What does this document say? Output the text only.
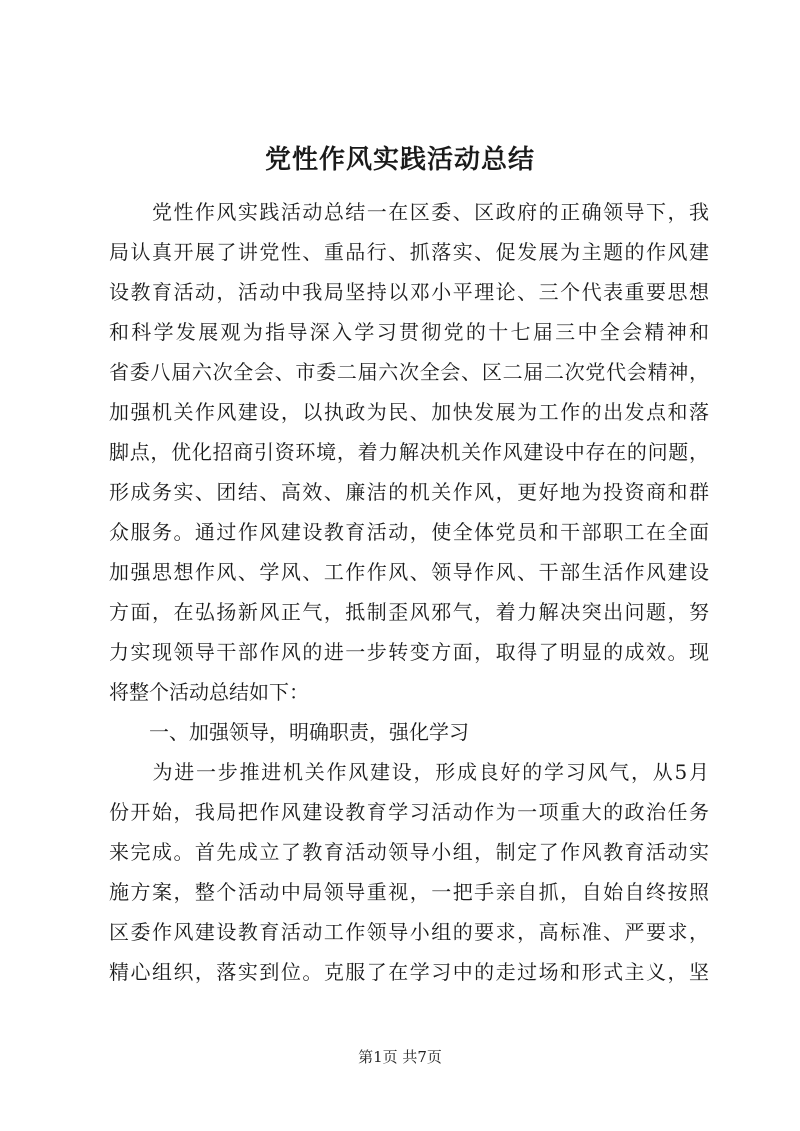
党性作风实践活动总结
　　党性作风实践活动总结一在区委、区政府的正确领导下，我
局认真开展了讲党性、重品行、抓落实、促发展为主题的作风建
设教育活动，活动中我局坚持以邓小平理论、三个代表重要思想
和科学发展观为指导深入学习贯彻党的十七届三中全会精神和
省委八届六次全会、市委二届六次全会、区二届二次党代会精神，
加强机关作风建设，以执政为民、加快发展为工作的出发点和落
脚点，优化招商引资环境，着力解决机关作风建设中存在的问题，
形成务实、团结、高效、廉洁的机关作风，更好地为投资商和群
众服务。通过作风建设教育活动，使全体党员和干部职工在全面
加强思想作风、学风、工作作风、领导作风、干部生活作风建设
方面，在弘扬新风正气，抵制歪风邪气，着力解决突出问题，努
力实现领导干部作风的进一步转变方面，取得了明显的成效。现
将整个活动总结如下：
　　一、加强领导，明确职责，强化学习
　　为进一步推进机关作风建设，形成良好的学习风气，从5月
份开始，我局把作风建设教育学习活动作为一项重大的政治任务
来完成。首先成立了教育活动领导小组，制定了作风教育活动实
施方案，整个活动中局领导重视，一把手亲自抓，自始自终按照
区委作风建设教育活动工作领导小组的要求，高标准、严要求，
精心组织，落实到位。克服了在学习中的走过场和形式主义，坚
第1页 共7页
